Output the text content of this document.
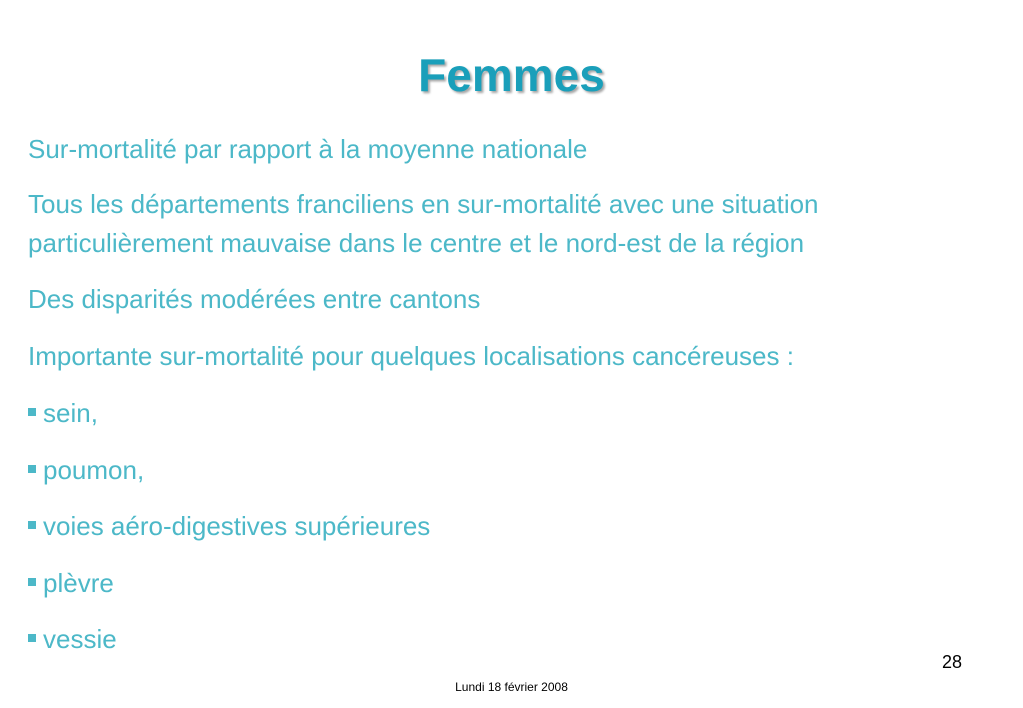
Femmes
Sur-mortalité par rapport à la moyenne nationale
Tous les départements franciliens en sur-mortalité avec une situation
particulièrement mauvaise dans le centre et le nord-est de la région
Des disparités modérées entre cantons
Importante sur-mortalité pour quelques localisations cancéreuses :
sein,
poumon,
voies aéro-digestives supérieures
plèvre
vessie
28
Lundi 18 février 2008
